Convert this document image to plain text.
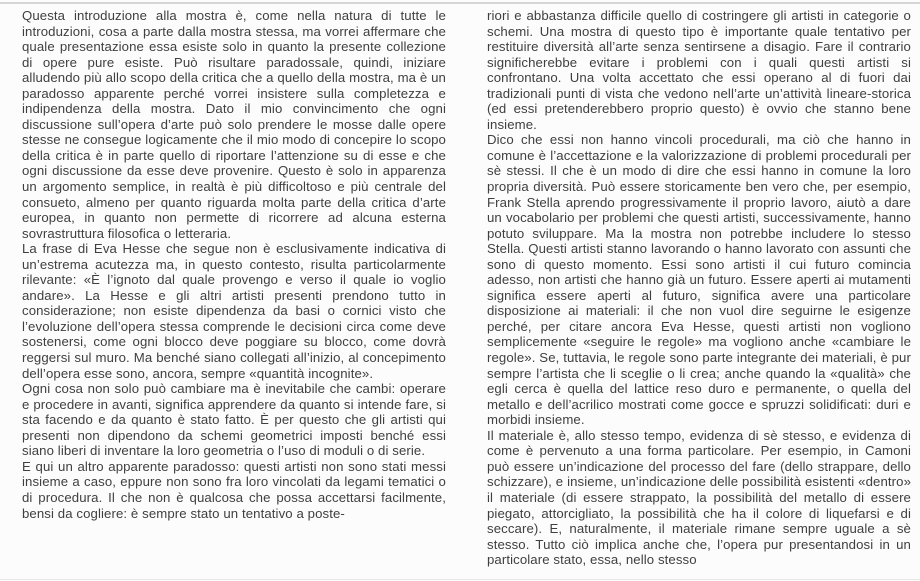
Questa introduzione alla mostra è, come nella natura di tutte le introduzioni, cosa a parte dalla mostra stessa, ma vorrei affermare che quale presentazione essa esiste solo in quanto la presente collezione di opere pure esiste. Può risultare paradossale, quindi, iniziare alludendo più allo scopo della critica che a quello della mostra, ma è un paradosso apparente perché vorrei insistere sulla completezza e indipendenza della mostra. Dato il mio convincimento che ogni discussione sull’opera d’arte può solo prendere le mosse dalle opere stesse ne consegue logicamente che il mio modo di concepire lo scopo della critica è in parte quello di riportare l’attenzione su di esse e che ogni discussione da esse deve provenire. Questo è solo in apparenza un argomento semplice, in realtà è più difficoltoso e più centrale del consueto, almeno per quanto riguarda molta parte della critica d’arte europea, in quanto non permette di ricorrere ad alcuna esterna sovrastruttura filosofica o letteraria.

La frase di Eva Hesse che segue non è esclusivamente indicativa di un’estrema acutezza ma, in questo contesto, risulta particolarmente rilevante: «È l’ignoto dal quale provengo e verso il quale io voglio andare». La Hesse e gli altri artisti presenti prendono tutto in considerazione; non esiste dipendenza da basi o cornici visto che l’evoluzione dell’opera stessa comprende le decisioni circa come deve sostenersi, come ogni blocco deve poggiare su blocco, come dovrà reggersi sul muro. Ma benché siano collegati all’inizio, al concepimento dell’opera esse sono, ancora, sempre «quantità incognite».

Ogni cosa non solo può cambiare ma è inevitabile che cambi: operare e procedere in avanti, significa apprendere da quanto si intende fare, si sta facendo e da quanto è stato fatto. È per questo che gli artisti qui presenti non dipendono da schemi geometrici imposti benché essi siano liberi di inventare la loro geometria o l’uso di moduli o di serie.

E qui un altro apparente paradosso: questi artisti non sono stati messi insieme a caso, eppure non sono fra loro vincolati da legami tematici o di procedura. Il che non è qualcosa che possa accettarsi facilmente, bensi da cogliere: è sempre stato un tentativo a poste-

riori e abbastanza difficile quello di costringere gli artisti in categorie o schemi. Una mostra di questo tipo è importante quale tentativo per restituire diversità all’arte senza sentirsene a disagio. Fare il contrario significherebbe evitare i problemi con i quali questi artisti si confrontano. Una volta accettato che essi operano al di fuori dai tradizionali punti di vista che vedono nell’arte un’attività lineare-storica (ed essi pretenderebbero proprio questo) è ovvio che stanno bene insieme.

Dico che essi non hanno vincoli procedurali, ma ciò che hanno in comune è l’accettazione e la valorizzazione di problemi procedurali per sè stessi. Il che è un modo di dire che essi hanno in comune la loro propria diversità. Può essere storicamente ben vero che, per esempio, Frank Stella aprendo progressivamente il proprio lavoro, aiutò a dare un vocabolario per problemi che questi artisti, successivamente, hanno potuto sviluppare. Ma la mostra non potrebbe includere lo stesso Stella. Questi artisti stanno lavorando o hanno lavorato con assunti che sono di questo momento. Essi sono artisti il cui futuro comincia adesso, non artisti che hanno già un futuro. Essere aperti ai mutamenti significa essere aperti al futuro, significa avere una particolare disposizione ai materiali: il che non vuol dire seguirne le esigenze perché, per citare ancora Eva Hesse, questi artisti non vogliono semplicemente «seguire le regole» ma vogliono anche «cambiare le regole». Se, tuttavia, le regole sono parte integrante dei materiali, è pur sempre l’artista che li sceglie o li crea; anche quando la «qualità» che egli cerca è quella del lattice reso duro e permanente, o quella del metallo e dell’acrilico mostrati come gocce e spruzzi solidificati: duri e morbidi insieme.

Il materiale è, allo stesso tempo, evidenza di sè stesso, e evidenza di come è pervenuto a una forma particolare. Per esempio, in Camoni può essere un’indicazione del processo del fare (dello strappare, dello schizzare), e insieme, un’indicazione delle possibilità esistenti «dentro» il materiale (di essere strappato, la possibilità del metallo di essere piegato, attorcigliato, la possibilità che ha il colore di liquefarsi e di seccare). E, naturalmente, il materiale rimane sempre uguale a sè stesso. Tutto ciò implica anche che, l’opera pur presentandosi in un particolare stato, essa, nello stesso
